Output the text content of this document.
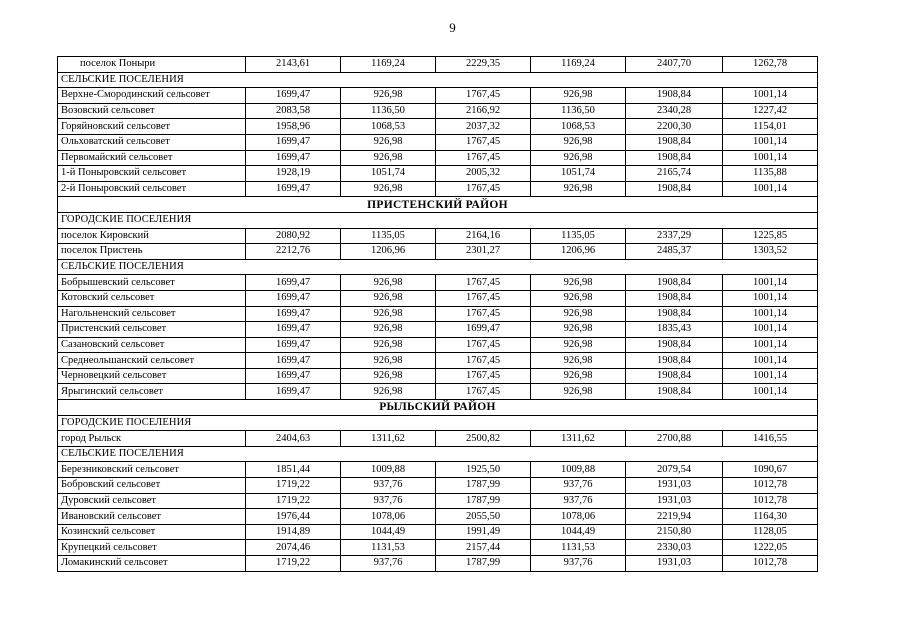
9
поселок Поныри	2143,61	1169,24	2229,35	1169,24	2407,70	1262,78
СЕЛЬСКИЕ ПОСЕЛЕНИЯ						
Верхне-Смородинский сельсовет	1699,47	926,98	1767,45	926,98	1908,84	1001,14
Возовский сельсовет	2083,58	1136,50	2166,92	1136,50	2340,28	1227,42
Горяйновский сельсовет	1958,96	1068,53	2037,32	1068,53	2200,30	1154,01
Ольховатский сельсовет	1699,47	926,98	1767,45	926,98	1908,84	1001,14
Первомайский сельсовет	1699,47	926,98	1767,45	926,98	1908,84	1001,14
1-й Поныровский сельсовет	1928,19	1051,74	2005,32	1051,74	2165,74	1135,88
2-й Поныровский сельсовет	1699,47	926,98	1767,45	926,98	1908,84	1001,14
ПРИСТЕНСКИЙ РАЙОН						
ГОРОДСКИЕ ПОСЕЛЕНИЯ						
поселок Кировский	2080,92	1135,05	2164,16	1135,05	2337,29	1225,85
поселок Пристень	2212,76	1206,96	2301,27	1206,96	2485,37	1303,52
СЕЛЬСКИЕ ПОСЕЛЕНИЯ						
Бобрышевский сельсовет	1699,47	926,98	1767,45	926,98	1908,84	1001,14
Котовский сельсовет	1699,47	926,98	1767,45	926,98	1908,84	1001,14
Нагольненский сельсовет	1699,47	926,98	1767,45	926,98	1908,84	1001,14
Пристенский сельсовет	1699,47	926,98	1699,47	926,98	1835,43	1001,14
Сазановский сельсовет	1699,47	926,98	1767,45	926,98	1908,84	1001,14
Среднеольшанский сельсовет	1699,47	926,98	1767,45	926,98	1908,84	1001,14
Черновецкий сельсовет	1699,47	926,98	1767,45	926,98	1908,84	1001,14
Ярыгинский сельсовет	1699,47	926,98	1767,45	926,98	1908,84	1001,14
РЫЛЬСКИЙ РАЙОН						
ГОРОДСКИЕ ПОСЕЛЕНИЯ						
город Рыльск	2404,63	1311,62	2500,82	1311,62	2700,88	1416,55
СЕЛЬСКИЕ ПОСЕЛЕНИЯ						
Березниковский сельсовет	1851,44	1009,88	1925,50	1009,88	2079,54	1090,67
Бобровский сельсовет	1719,22	937,76	1787,99	937,76	1931,03	1012,78
Дуровский сельсовет	1719,22	937,76	1787,99	937,76	1931,03	1012,78
Ивановский сельсовет	1976,44	1078,06	2055,50	1078,06	2219,94	1164,30
Козинский сельсовет	1914,89	1044,49	1991,49	1044,49	2150,80	1128,05
Крупецкий сельсовет	2074,46	1131,53	2157,44	1131,53	2330,03	1222,05
Ломакинский сельсовет	1719,22	937,76	1787,99	937,76	1931,03	1012,78
